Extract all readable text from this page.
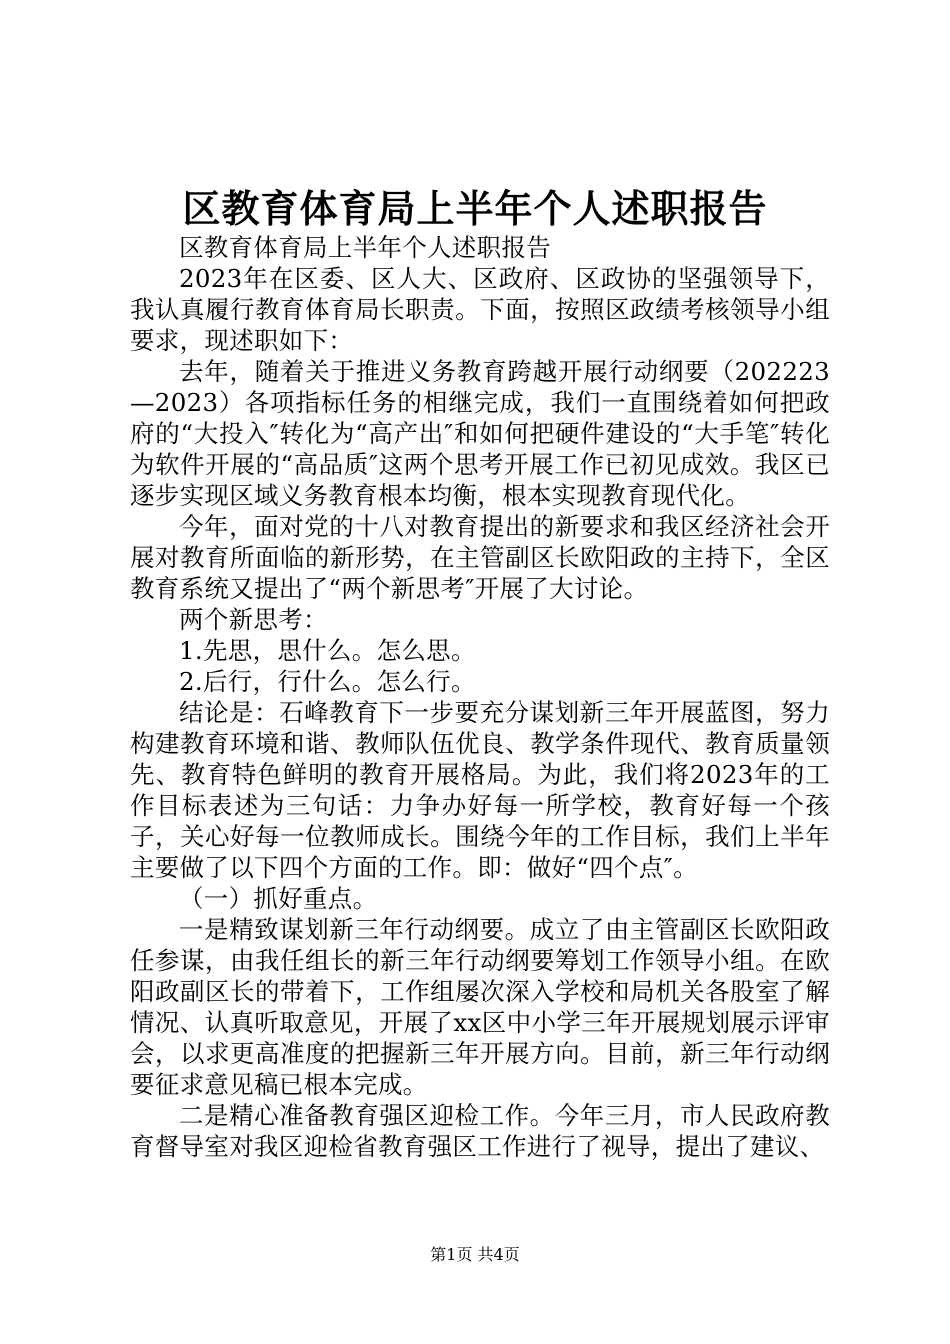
区教育体育局上半年个人述职报告

区教育体育局上半年个人述职报告

2023年在区委、区人大、区政府、区政协的坚强领导下，我认真履行教育体育局长职责。下面，按照区政绩考核领导小组要求，现述职如下：

去年，随着关于推进义务教育跨越开展行动纲要（202223—2023）各项指标任务的相继完成，我们一直围绕着如何把政府的“大投入″转化为“高产出″和如何把硬件建设的“大手笔″转化为软件开展的“高品质″这两个思考开展工作已初见成效。我区已逐步实现区域义务教育根本均衡，根本实现教育现代化。

今年，面对党的十八对教育提出的新要求和我区经济社会开展对教育所面临的新形势，在主管副区长欧阳政的主持下，全区教育系统又提出了“两个新思考″开展了大讨论。

两个新思考：

1.先思，思什么。怎么思。

2.后行，行什么。怎么行。

结论是：石峰教育下一步要充分谋划新三年开展蓝图，努力构建教育环境和谐、教师队伍优良、教学条件现代、教育质量领先、教育特色鲜明的教育开展格局。为此，我们将2023年的工作目标表述为三句话：力争办好每一所学校，教育好每一个孩子，关心好每一位教师成长。围绕今年的工作目标，我们上半年主要做了以下四个方面的工作。即：做好“四个点″。

（一）抓好重点。

一是精致谋划新三年行动纲要。成立了由主管副区长欧阳政任参谋，由我任组长的新三年行动纲要筹划工作领导小组。在欧阳政副区长的带着下，工作组屡次深入学校和局机关各股室了解情况、认真听取意见，开展了xx区中小学三年开展规划展示评审会，以求更高准度的把握新三年开展方向。目前，新三年行动纲要征求意见稿已根本完成。

二是精心准备教育强区迎检工作。今年三月，市人民政府教育督导室对我区迎检省教育强区工作进行了视导，提出了建议、

第1页 共4页
